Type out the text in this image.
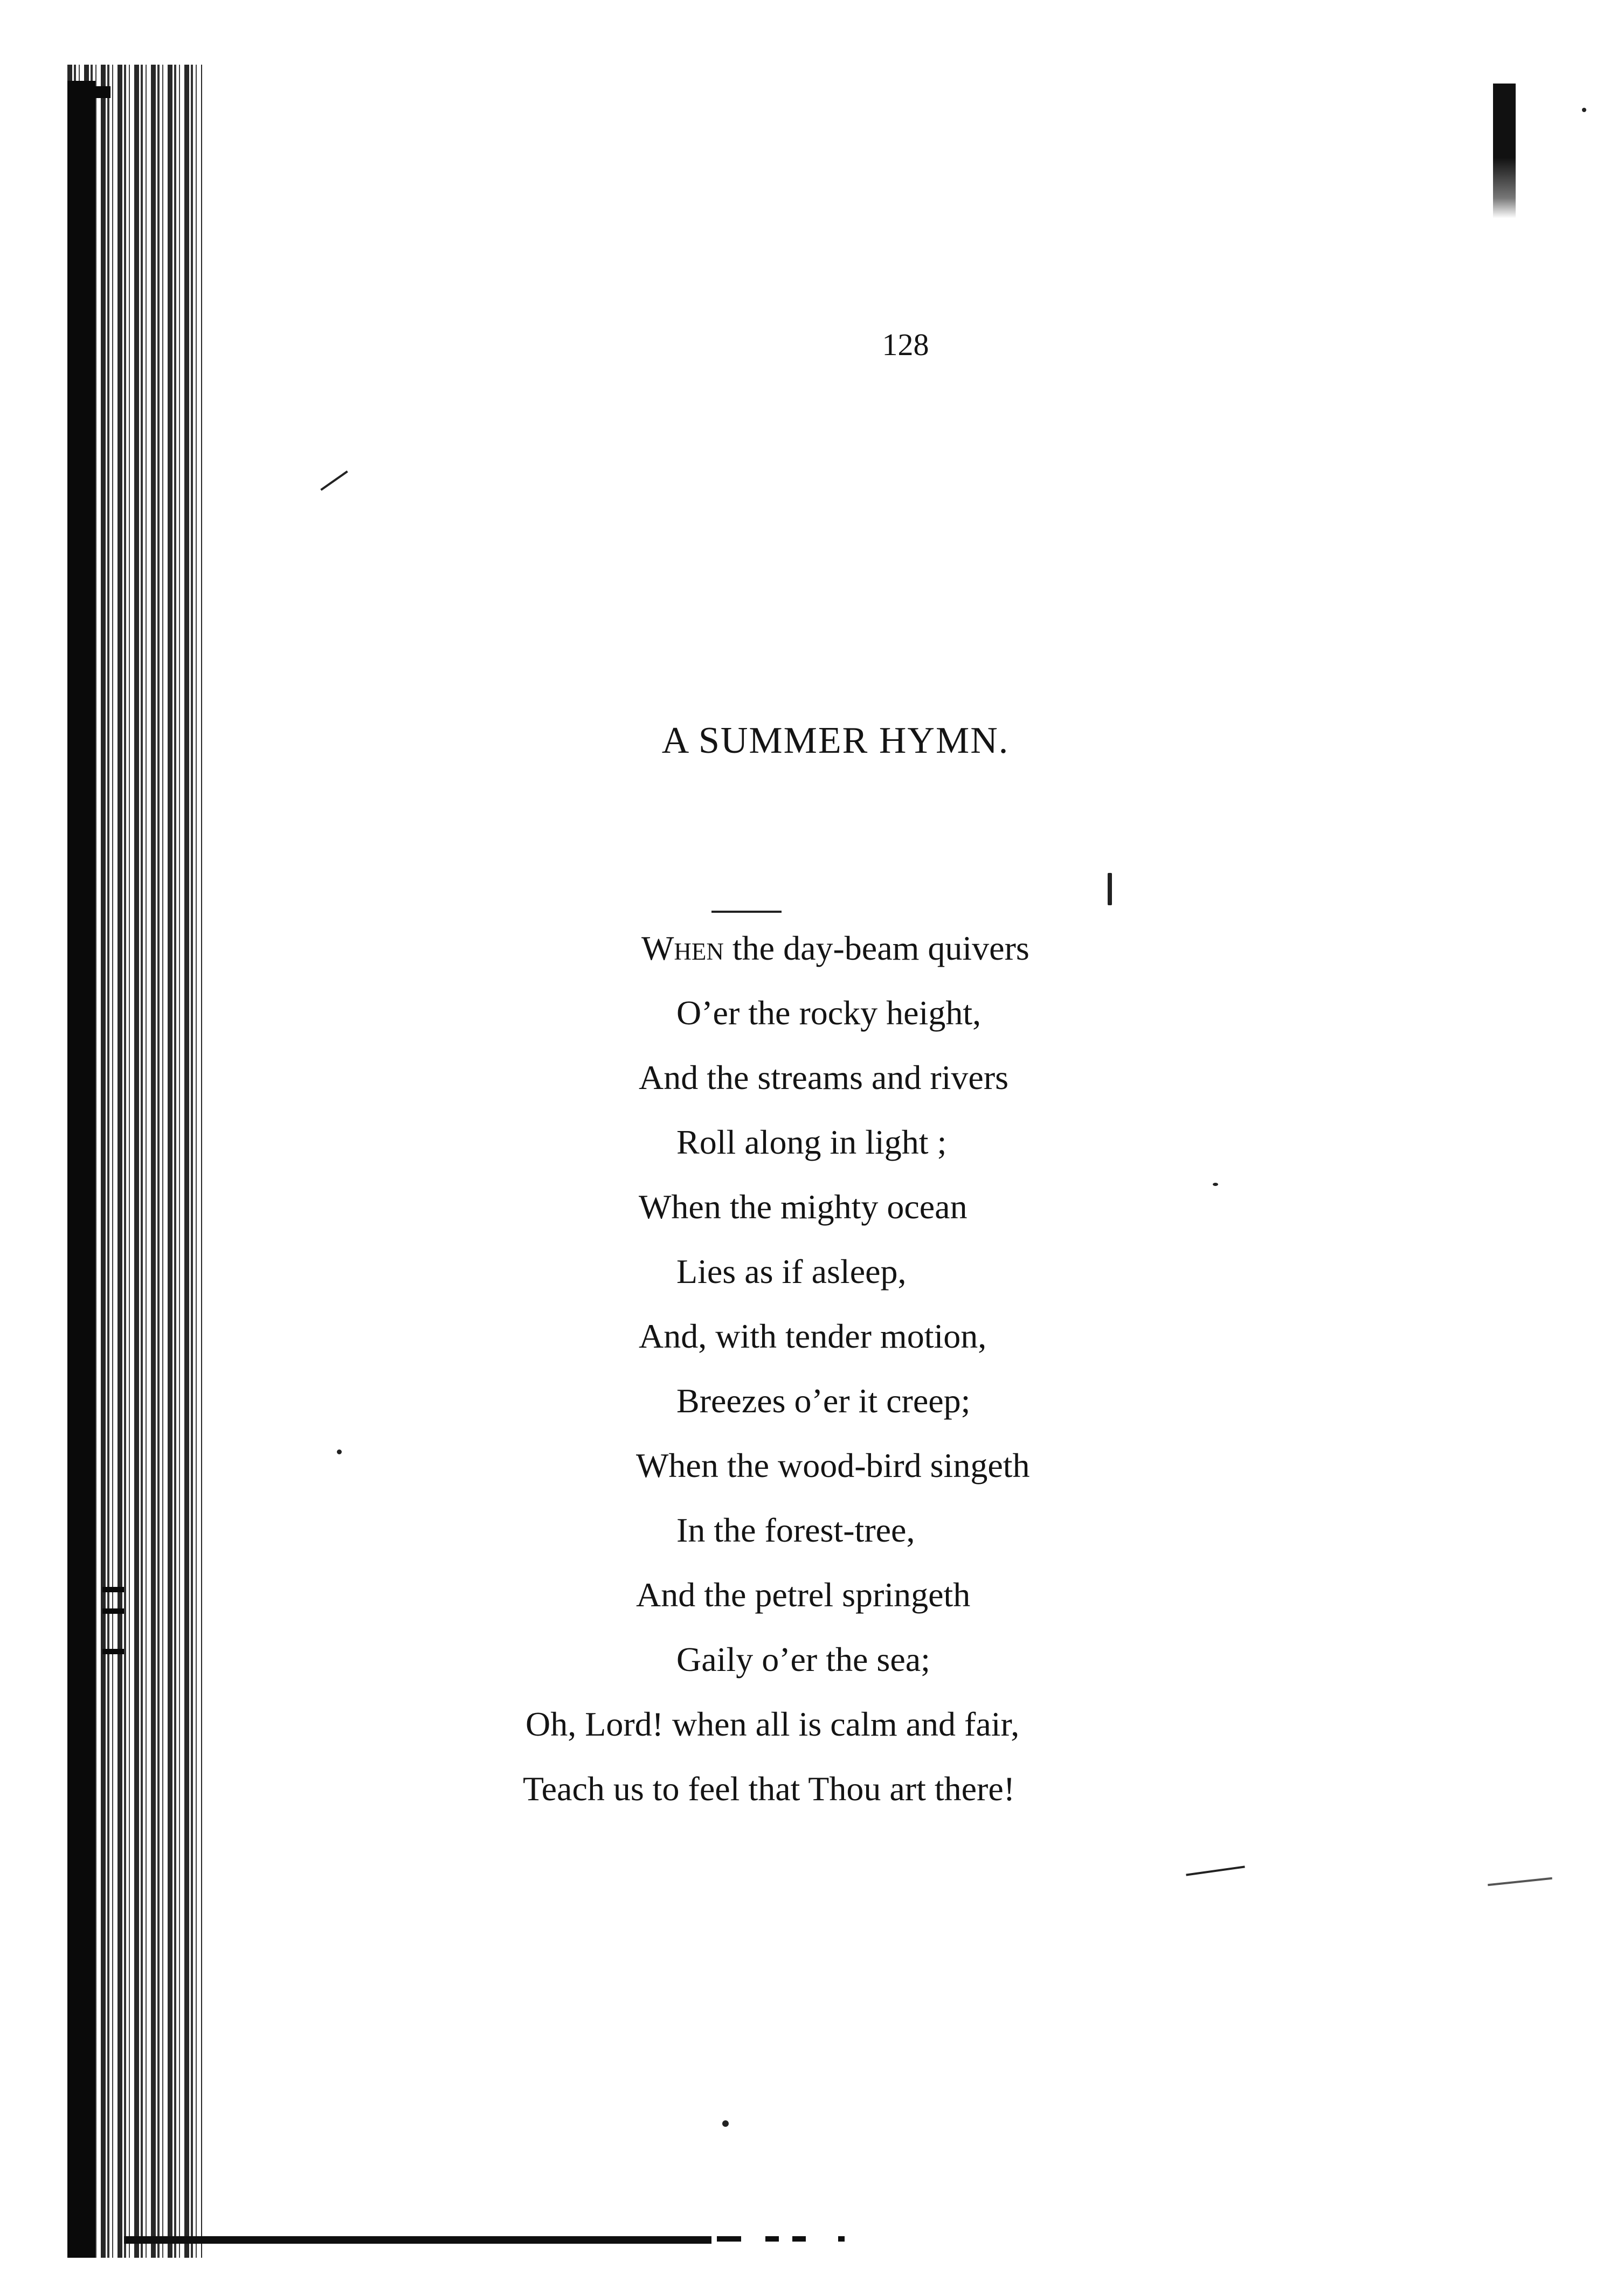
128
A SUMMER HYMN.
When the day-beam quivers
O’er the rocky height,
And the streams and rivers
Roll along in light ;
When the mighty ocean
Lies as if asleep,
And, with tender motion,
Breezes o’er it creep;
When the wood-bird singeth
In the forest-tree,
And the petrel springeth
Gaily o’er the sea;
Oh, Lord! when all is calm and fair,
Teach us to feel that Thou art there!
